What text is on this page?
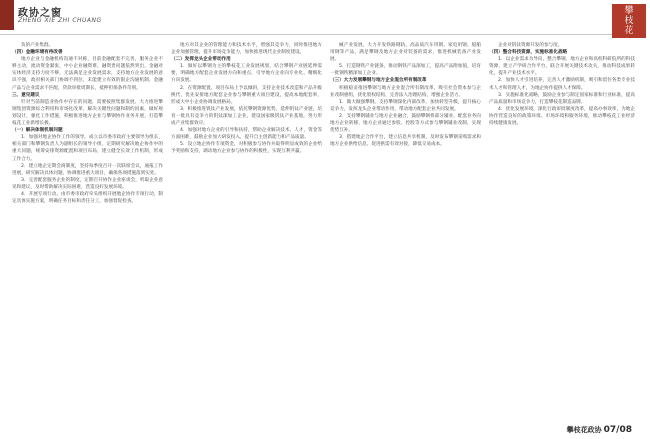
政协之窗
ZHENG XIE ZHI CHUANG
攀
枝
花

负的产业集群。

（四）金融环境有待改善

地方企业与金融机构沟通不对称，目前金融配套不完善，服务企业不够主动，流动资金紧张，中小企业融资难、融资贵问题依然突出，金融对实体经济支持力度不够，无法满足企业发展需求，支持地方企业发展的意识不强，政府相关部门协调不到位，未能建立有效的银企沟通机制，金融产品与企业需求不匹配，贷款审批周期长，抵押担保条件苛刻。

三、意见建议

针对当前制造业协作中存在的问题，需要按照集群发展、大力推进攀钢集团资源综合利用和市场化改革，解决关键性问题和制约因素，做好规划设计，强化工作措施，积极推进地方企业与攀钢协作业务开展，打造攀枝花工业新增长极。

（一）解决体制机制问题

1．加强对地企协作工作的领导。成立以市委市政府主要领导为组长，相关部门和攀钢负责人为副组长的领导小组，定期研究解决地企协作中的重大问题，统筹安排资源配置和项目布局，建立健全长效工作机制，形成工作合力。

2．建立地企定期会商制度，坚持每季度召开一次联席会议，通报工作进展，研究解决具体问题，协调推进重大项目，确保各项措施落到实处。

3．完善配套服务企业的制度，定期召开协作企业座谈会，听取企业意见和建议，及时帮助解决实际困难，营造良好发展环境。

4．开展专项行动。由市委市政府牵头组织开展地企协作专项行动，制定具体实施方案，明确任务目标和责任分工，加强督促检查。

地方对其企业的管理能力和技术水平，增强其竞争力，同时推进地方企业加强管理，提升市场竞争能力，加快推进现代企业制度建设。

（二）发挥龙头企业带动作用

1．做好以攀钢为主的攀枝花工业发展规划，结合攀钢产业链延伸需要，明确地方配套企业发展方向和重点，引导地方企业向专业化、精细化方向发展。

2．在资源配置、项目布局上予以倾斜，支持企业技术改造和产品升级换代，优先安排地方配套企业参与攀钢重大项目建设，提高本地配套率，形成大中小企业协调发展格局。

3．积极推进钒钛产业发展，依托攀钢资源优势，延伸钒钛产业链，培育一批具有竞争力的钒钛深加工企业，建设国家级钒钛产业基地，努力形成产业集群效应。

4．加强对地方企业的引导和扶持，帮助企业解决技术、人才、资金等方面困难，鼓励企业加大研发投入，提升自主创新能力和产品质量。

5．设立地企协作专项资金，对积极参与协作并取得明显成效的企业给予奖励和支持，调动地方企业参与协作的积极性，实现互利共赢。

械产业发展，大力开发铁路钢轨、高品质汽车用钢、家电用钢、船舶用钢等产品，满足攀钢及地方企业对装备的需求，推进机械装备产业发展。

5．打造钢铁产业链条，推动钢铁产品深加工，提高产品附加值，培育一批钢铁精深加工企业。

（三）大力发展攀钢与地方企业混合所有制改革

积极稳妥推进攀钢与地方企业混合所有制改革，吸引社会资本参与企业改制重组，优化股权结构，完善法人治理结构，增强企业活力。

1．做大做强攀钢。支持攀钢深化内部改革，加快转型升级，提升核心竞争力，发挥龙头企业带动作用，带动地方配套企业共同发展。

2．支持攀钢辅业与地方企业融合，鼓励攀钢将部分辅业、配套业务向地方企业转移，地方企业通过参股、控股等方式参与攀钢辅业改制，实现优势互补。

3．搭建地企合作平台，建立信息共享机制，及时发布攀钢采购需求和地方企业供给信息，促进供需有效对接，降低交易成本。

企业对钒钛资源开发的参与度。

（四）整合科技资源，实施标准化战略

1．以企业需求为导向，整合攀钢、地方企业和高校科研院所的科技资源，建立产学研合作平台，联合开展关键技术攻关，推动科技成果转化，提升产业技术水平。

2．加快人才引进培养，完善人才激励机制，吸引和留住各类专业技术人才和管理人才，为地企协作提供人才保障。

3．实施标准化战略，鼓励企业参与制定国家标准和行业标准，提高产品质量和市场竞争力，打造攀枝花制造品牌。

4．优化发展环境，深化行政审批制度改革，提高办事效率，为地企协作营造良好的政策环境、市场环境和服务环境，推动攀枝花工业经济持续健康发展。

攀枝花政协 07/08
